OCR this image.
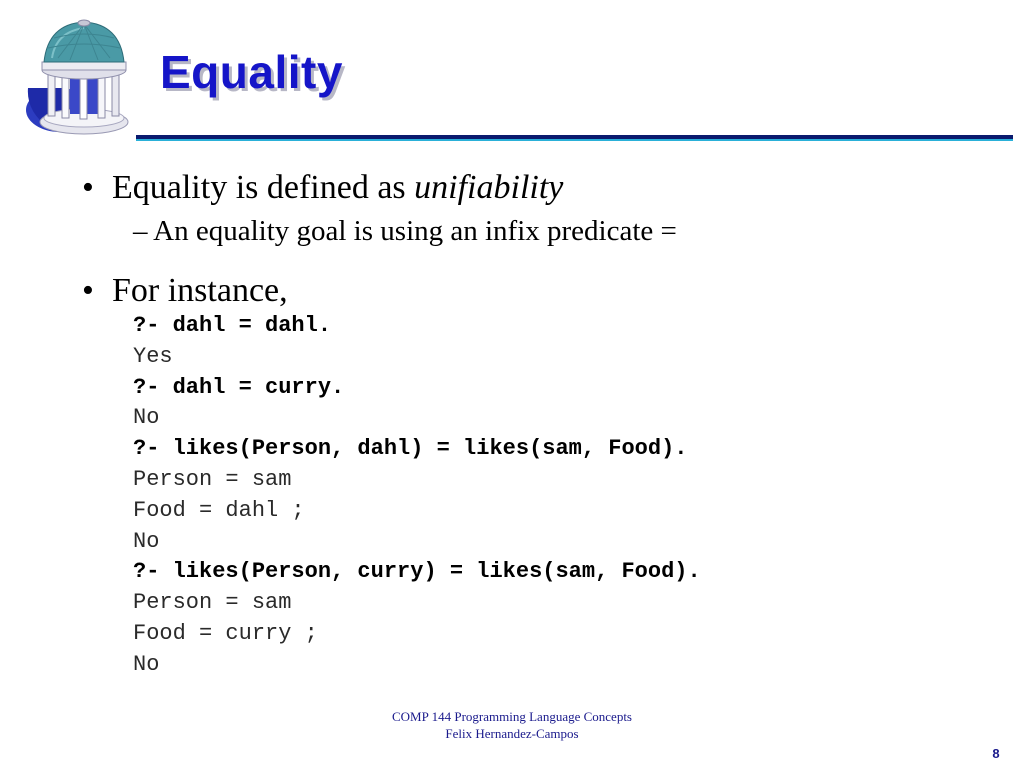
Equality
• Equality is defined as unifiability
– An equality goal is using an infix predicate =
• For instance,
?- dahl = dahl.
Yes
?- dahl = curry.
No
?- likes(Person, dahl) = likes(sam, Food).
Person = sam
Food = dahl ;
No
?- likes(Person, curry) = likes(sam, Food).
Person = sam
Food = curry ;
No
COMP 144 Programming Language Concepts
Felix Hernandez-Campos
8
